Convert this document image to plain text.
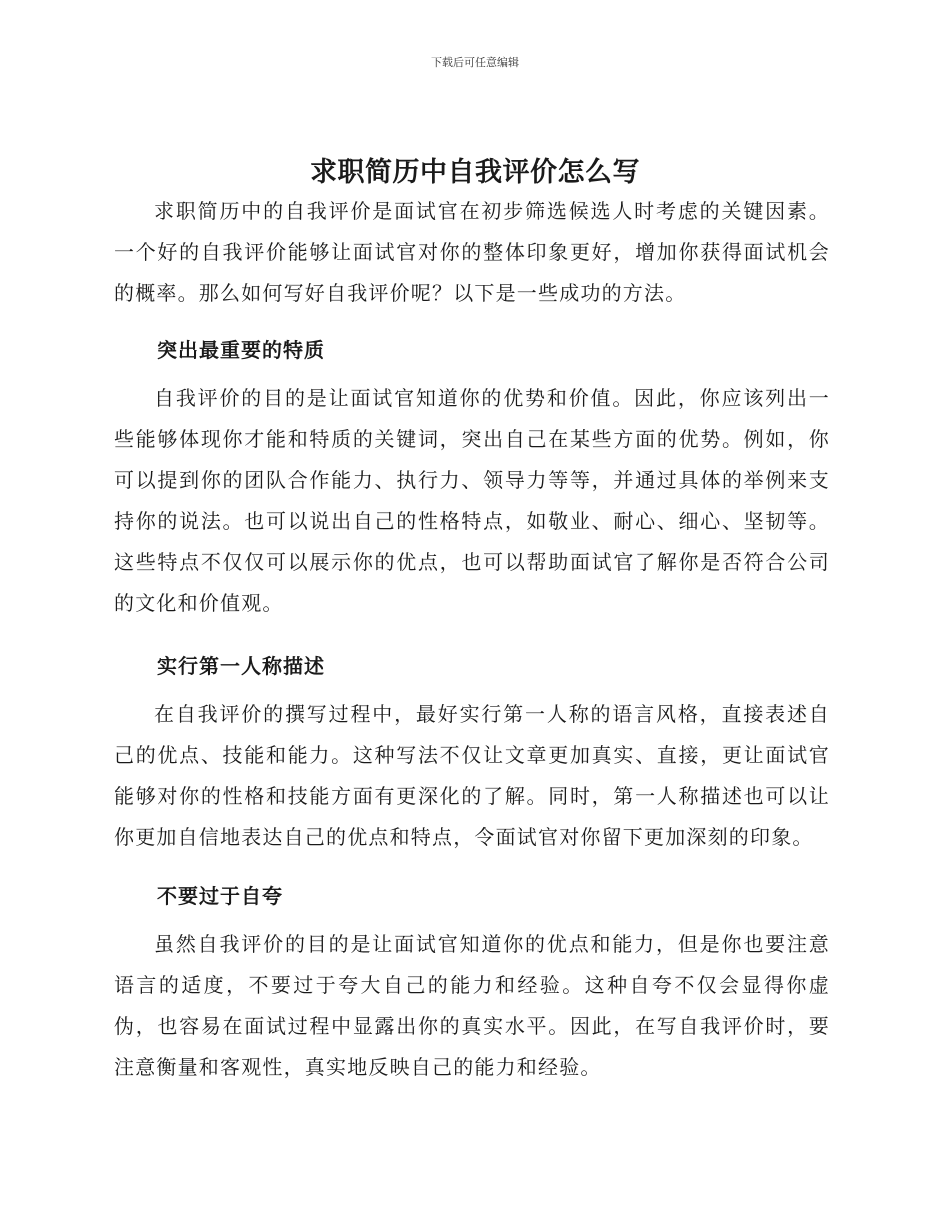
下载后可任意编辑
求职简历中自我评价怎么写

求职简历中的自我评价是面试官在初步筛选候选人时考虑的关键因素。一个好的自我评价能够让面试官对你的整体印象更好，增加你获得面试机会的概率。那么如何写好自我评价呢？以下是一些成功的方法。

突出最重要的特质

自我评价的目的是让面试官知道你的优势和价值。因此，你应该列出一些能够体现你才能和特质的关键词，突出自己在某些方面的优势。例如，你可以提到你的团队合作能力、执行力、领导力等等，并通过具体的举例来支持你的说法。也可以说出自己的性格特点，如敬业、耐心、细心、坚韧等。这些特点不仅仅可以展示你的优点，也可以帮助面试官了解你是否符合公司的文化和价值观。

实行第一人称描述

在自我评价的撰写过程中，最好实行第一人称的语言风格，直接表述自己的优点、技能和能力。这种写法不仅让文章更加真实、直接，更让面试官能够对你的性格和技能方面有更深化的了解。同时，第一人称描述也可以让你更加自信地表达自己的优点和特点，令面试官对你留下更加深刻的印象。

不要过于自夸

虽然自我评价的目的是让面试官知道你的优点和能力，但是你也要注意语言的适度，不要过于夸大自己的能力和经验。这种自夸不仅会显得你虚伪，也容易在面试过程中显露出你的真实水平。因此，在写自我评价时，要注意衡量和客观性，真实地反映自己的能力和经验。
